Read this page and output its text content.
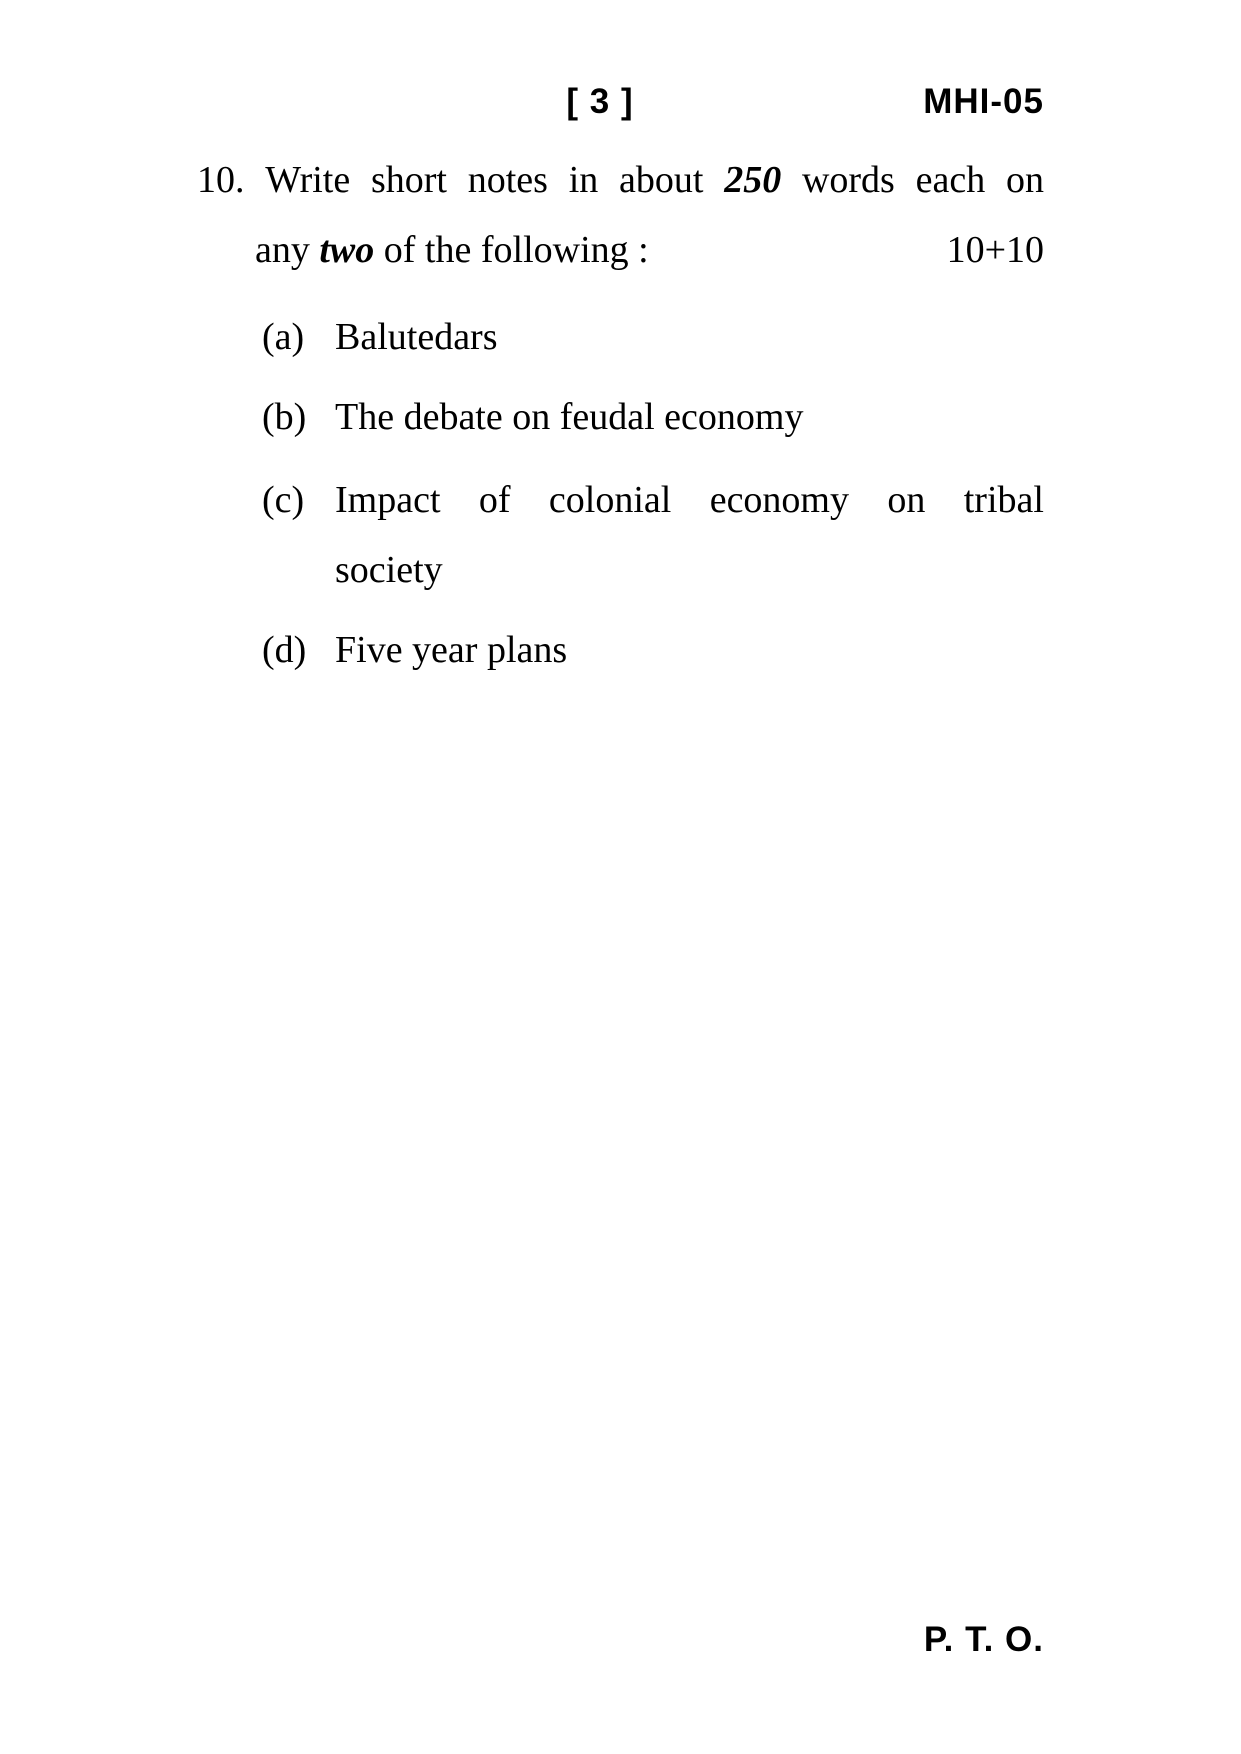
[ 3 ]	MHI-05
10. Write short notes in about 250 words each on
any two of the following :	10+10
(a) Balutedars
(b) The debate on feudal economy
(c) Impact of colonial economy on tribal
society
(d) Five year plans
P. T. O.
